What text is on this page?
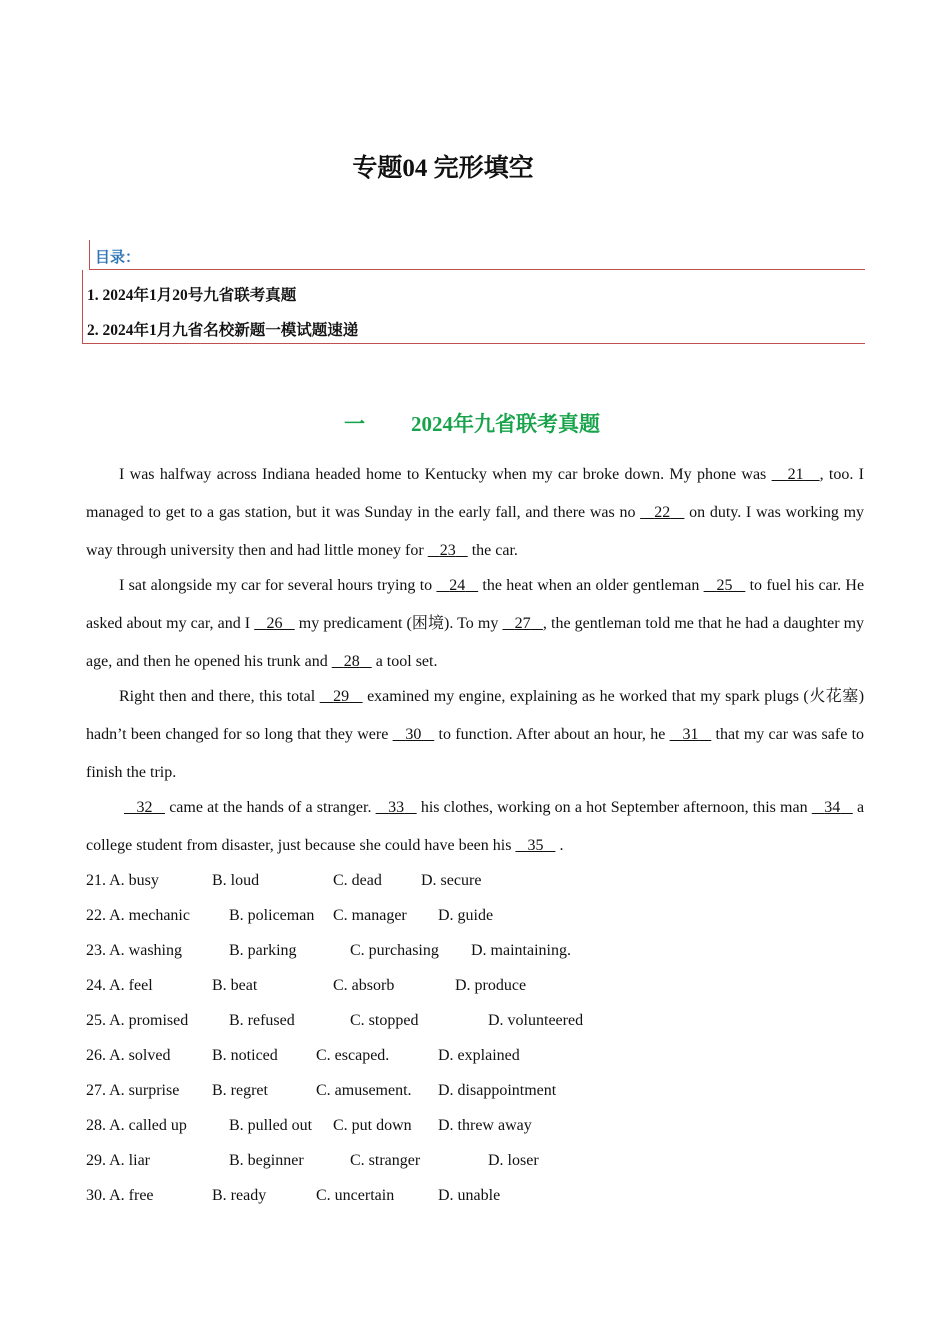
专题04 完形填空
目录：
1. 2024年1月20号九省联考真题
2. 2024年1月九省名校新题一模试题速递
一 2024年九省联考真题
I was halfway across Indiana headed home to Kentucky when my car broke down. My phone was    21 , too. I managed to get to a gas station, but it was Sunday in the early fall, and there was no    22    on duty. I was working my way through university then and had little money for    23    the car.
I sat alongside my car for several hours trying to    24    the heat when an older gentleman    25    to fuel his car. He asked about my car, and I    26    my predicament (困境). To my    27 , the gentleman told me that he had a daughter my age, and then he opened his trunk and    28    a tool set.
Right then and there, this total    29    examined my engine, explaining as he worked that my spark plugs (火花塞) hadn’t been changed for so long that they were    30    to function. After about an hour, he    31    that my car was safe to finish the trip.
32    came at the hands of a stranger.    33    his clothes, working on a hot September afternoon, this man    34    a college student from disaster, just because she could have been his    35    .
21. A. busy	B. loud	C. dead D. secure
22. A. mechanic B. policeman C. manager D. guide
23. A. washing	B. parking	C. purchasing D. maintaining.
24. A. feel	B. beat	C. absorb	D. produce
25. A. promised	B. refused	C. stopped	D. volunteered
26. A. solved	B. noticed C. escaped.	D. explained
27. A. surprise B. regret	C. amusement. D. disappointment
28. A. called up	B. pulled out C. put down D. threw away
29. A. liar	B. beginner	C. stranger	D. loser
30. A. free	B. ready	C. uncertain	D. unable
